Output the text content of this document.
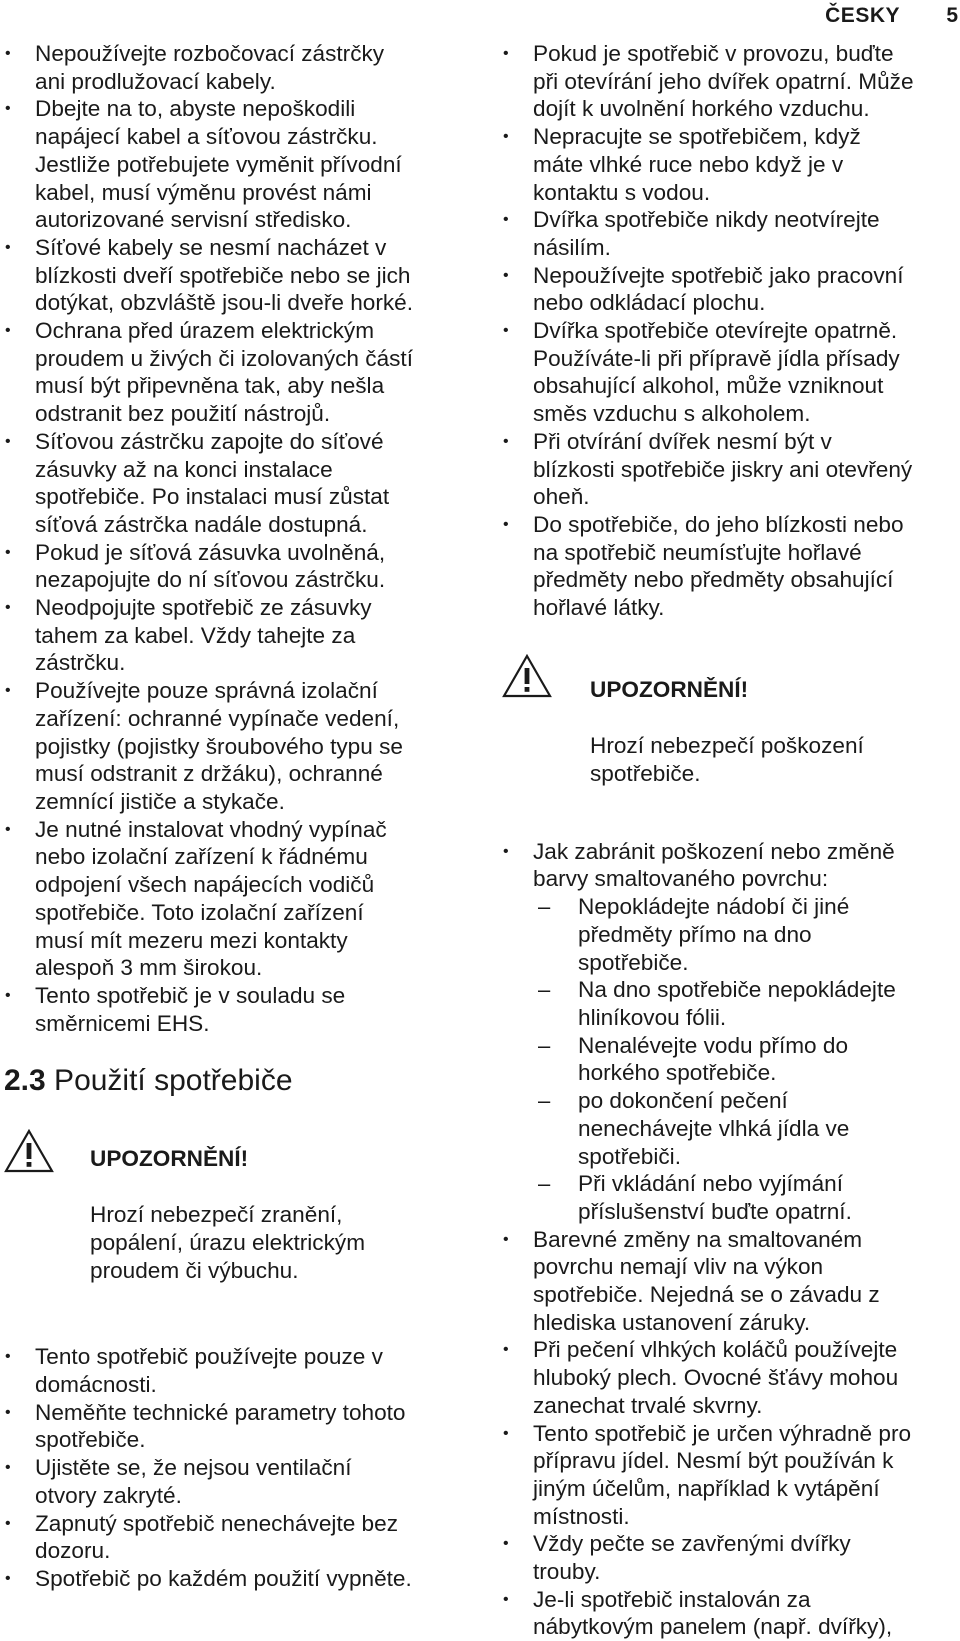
ČESKY 5
• Nepoužívejte rozbočovací zástrčky
ani prodlužovací kabely.
• Dbejte na to, abyste nepoškodili
napájecí kabel a síťovou zástrčku.
Jestliže potřebujete vyměnit přívodní
kabel, musí výměnu provést námi
autorizované servisní středisko.
• Síťové kabely se nesmí nacházet v
blízkosti dveří spotřebiče nebo se jich
dotýkat, obzvláště jsou-li dveře horké.
• Ochrana před úrazem elektrickým
proudem u živých či izolovaných částí
musí být připevněna tak, aby nešla
odstranit bez použití nástrojů.
• Síťovou zástrčku zapojte do síťové
zásuvky až na konci instalace
spotřebiče. Po instalaci musí zůstat
síťová zástrčka nadále dostupná.
• Pokud je síťová zásuvka uvolněná,
nezapojujte do ní síťovou zástrčku.
• Neodpojujte spotřebič ze zásuvky
tahem za kabel. Vždy tahejte za
zástrčku.
• Používejte pouze správná izolační
zařízení: ochranné vypínače vedení,
pojistky (pojistky šroubového typu se
musí odstranit z držáku), ochranné
zemnící jističe a stykače.
• Je nutné instalovat vhodný vypínač
nebo izolační zařízení k řádnému
odpojení všech napájecích vodičů
spotřebiče. Toto izolační zařízení
musí mít mezeru mezi kontakty
alespoň 3 mm širokou.
• Tento spotřebič je v souladu se
směrnicemi EHS.
2.3 Použití spotřebiče

UPOZORNĚNÍ!

Hrozí nebezpečí zranění,
popálení, úrazu elektrickým
proudem či výbuchu.

• Tento spotřebič používejte pouze v
domácnosti.
• Neměňte technické parametry tohoto
spotřebiče.
• Ujistěte se, že nejsou ventilační
otvory zakryté.
• Zapnutý spotřebič nenechávejte bez
dozoru.
• Spotřebič po každém použití vypněte.
• Pokud je spotřebič v provozu, buďte
při otevírání jeho dvířek opatrní. Může
dojít k uvolnění horkého vzduchu.
• Nepracujte se spotřebičem, když
máte vlhké ruce nebo když je v
kontaktu s vodou.
• Dvířka spotřebiče nikdy neotvírejte
násilím.
• Nepoužívejte spotřebič jako pracovní
nebo odkládací plochu.
• Dvířka spotřebiče otevírejte opatrně.
Používáte-li při přípravě jídla přísady
obsahující alkohol, může vzniknout
směs vzduchu s alkoholem.
• Při otvírání dvířek nesmí být v
blízkosti spotřebiče jiskry ani otevřený
oheň.
• Do spotřebiče, do jeho blízkosti nebo
na spotřebič neumísťujte hořlavé
předměty nebo předměty obsahující
hořlavé látky.

UPOZORNĚNÍ!

Hrozí nebezpečí poškození
spotřebiče.

• Jak zabránit poškození nebo změně
barvy smaltovaného povrchu:
– Nepokládejte nádobí či jiné
předměty přímo na dno
spotřebiče.
– Na dno spotřebiče nepokládejte
hliníkovou fólii.
– Nenalévejte vodu přímo do
horkého spotřebiče.
– po dokončení pečení
nenechávejte vlhká jídla ve
spotřebiči.
– Při vkládání nebo vyjímání
příslušenství buďte opatrní.
• Barevné změny na smaltovaném
povrchu nemají vliv na výkon
spotřebiče. Nejedná se o závadu z
hlediska ustanovení záruky.
• Při pečení vlhkých koláčů používejte
hluboký plech. Ovocné šťávy mohou
zanechat trvalé skvrny.
• Tento spotřebič je určen výhradně pro
přípravu jídel. Nesmí být používán k
jiným účelům, například k vytápění
místnosti.
• Vždy pečte se zavřenými dvířky
trouby.
• Je-li spotřebič instalován za
nábytkovým panelem (např. dvířky),
